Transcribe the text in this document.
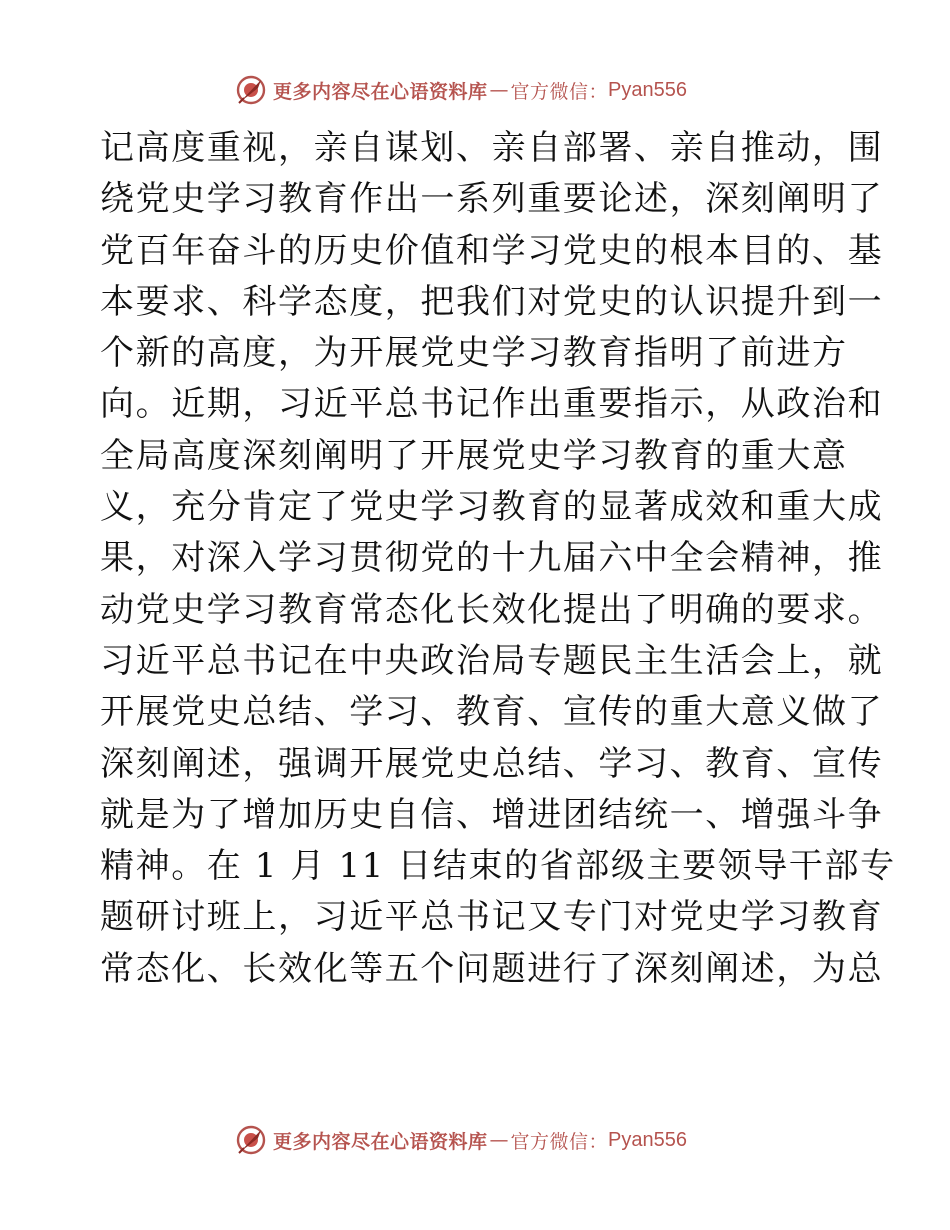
更多内容尽在心语资料库 — 官方微信： Pyan556
记高度重视，亲自谋划、亲自部署、亲自推动，围
绕党史学习教育作出一系列重要论述，深刻阐明了
党百年奋斗的历史价值和学习党史的根本目的、基
本要求、科学态度，把我们对党史的认识提升到一
个新的高度，为开展党史学习教育指明了前进方
向。近期，习近平总书记作出重要指示，从政治和
全局高度深刻阐明了开展党史学习教育的重大意
义，充分肯定了党史学习教育的显著成效和重大成
果，对深入学习贯彻党的十九届六中全会精神，推
动党史学习教育常态化长效化提出了明确的要求。
习近平总书记在中央政治局专题民主生活会上，就
开展党史总结、学习、教育、宣传的重大意义做了
深刻阐述，强调开展党史总结、学习、教育、宣传
就是为了增加历史自信、增进团结统一、增强斗争
精神。在 1 月 11 日结束的省部级主要领导干部专
题研讨班上，习近平总书记又专门对党史学习教育
常态化、长效化等五个问题进行了深刻阐述，为总
更多内容尽在心语资料库 — 官方微信： Pyan556
